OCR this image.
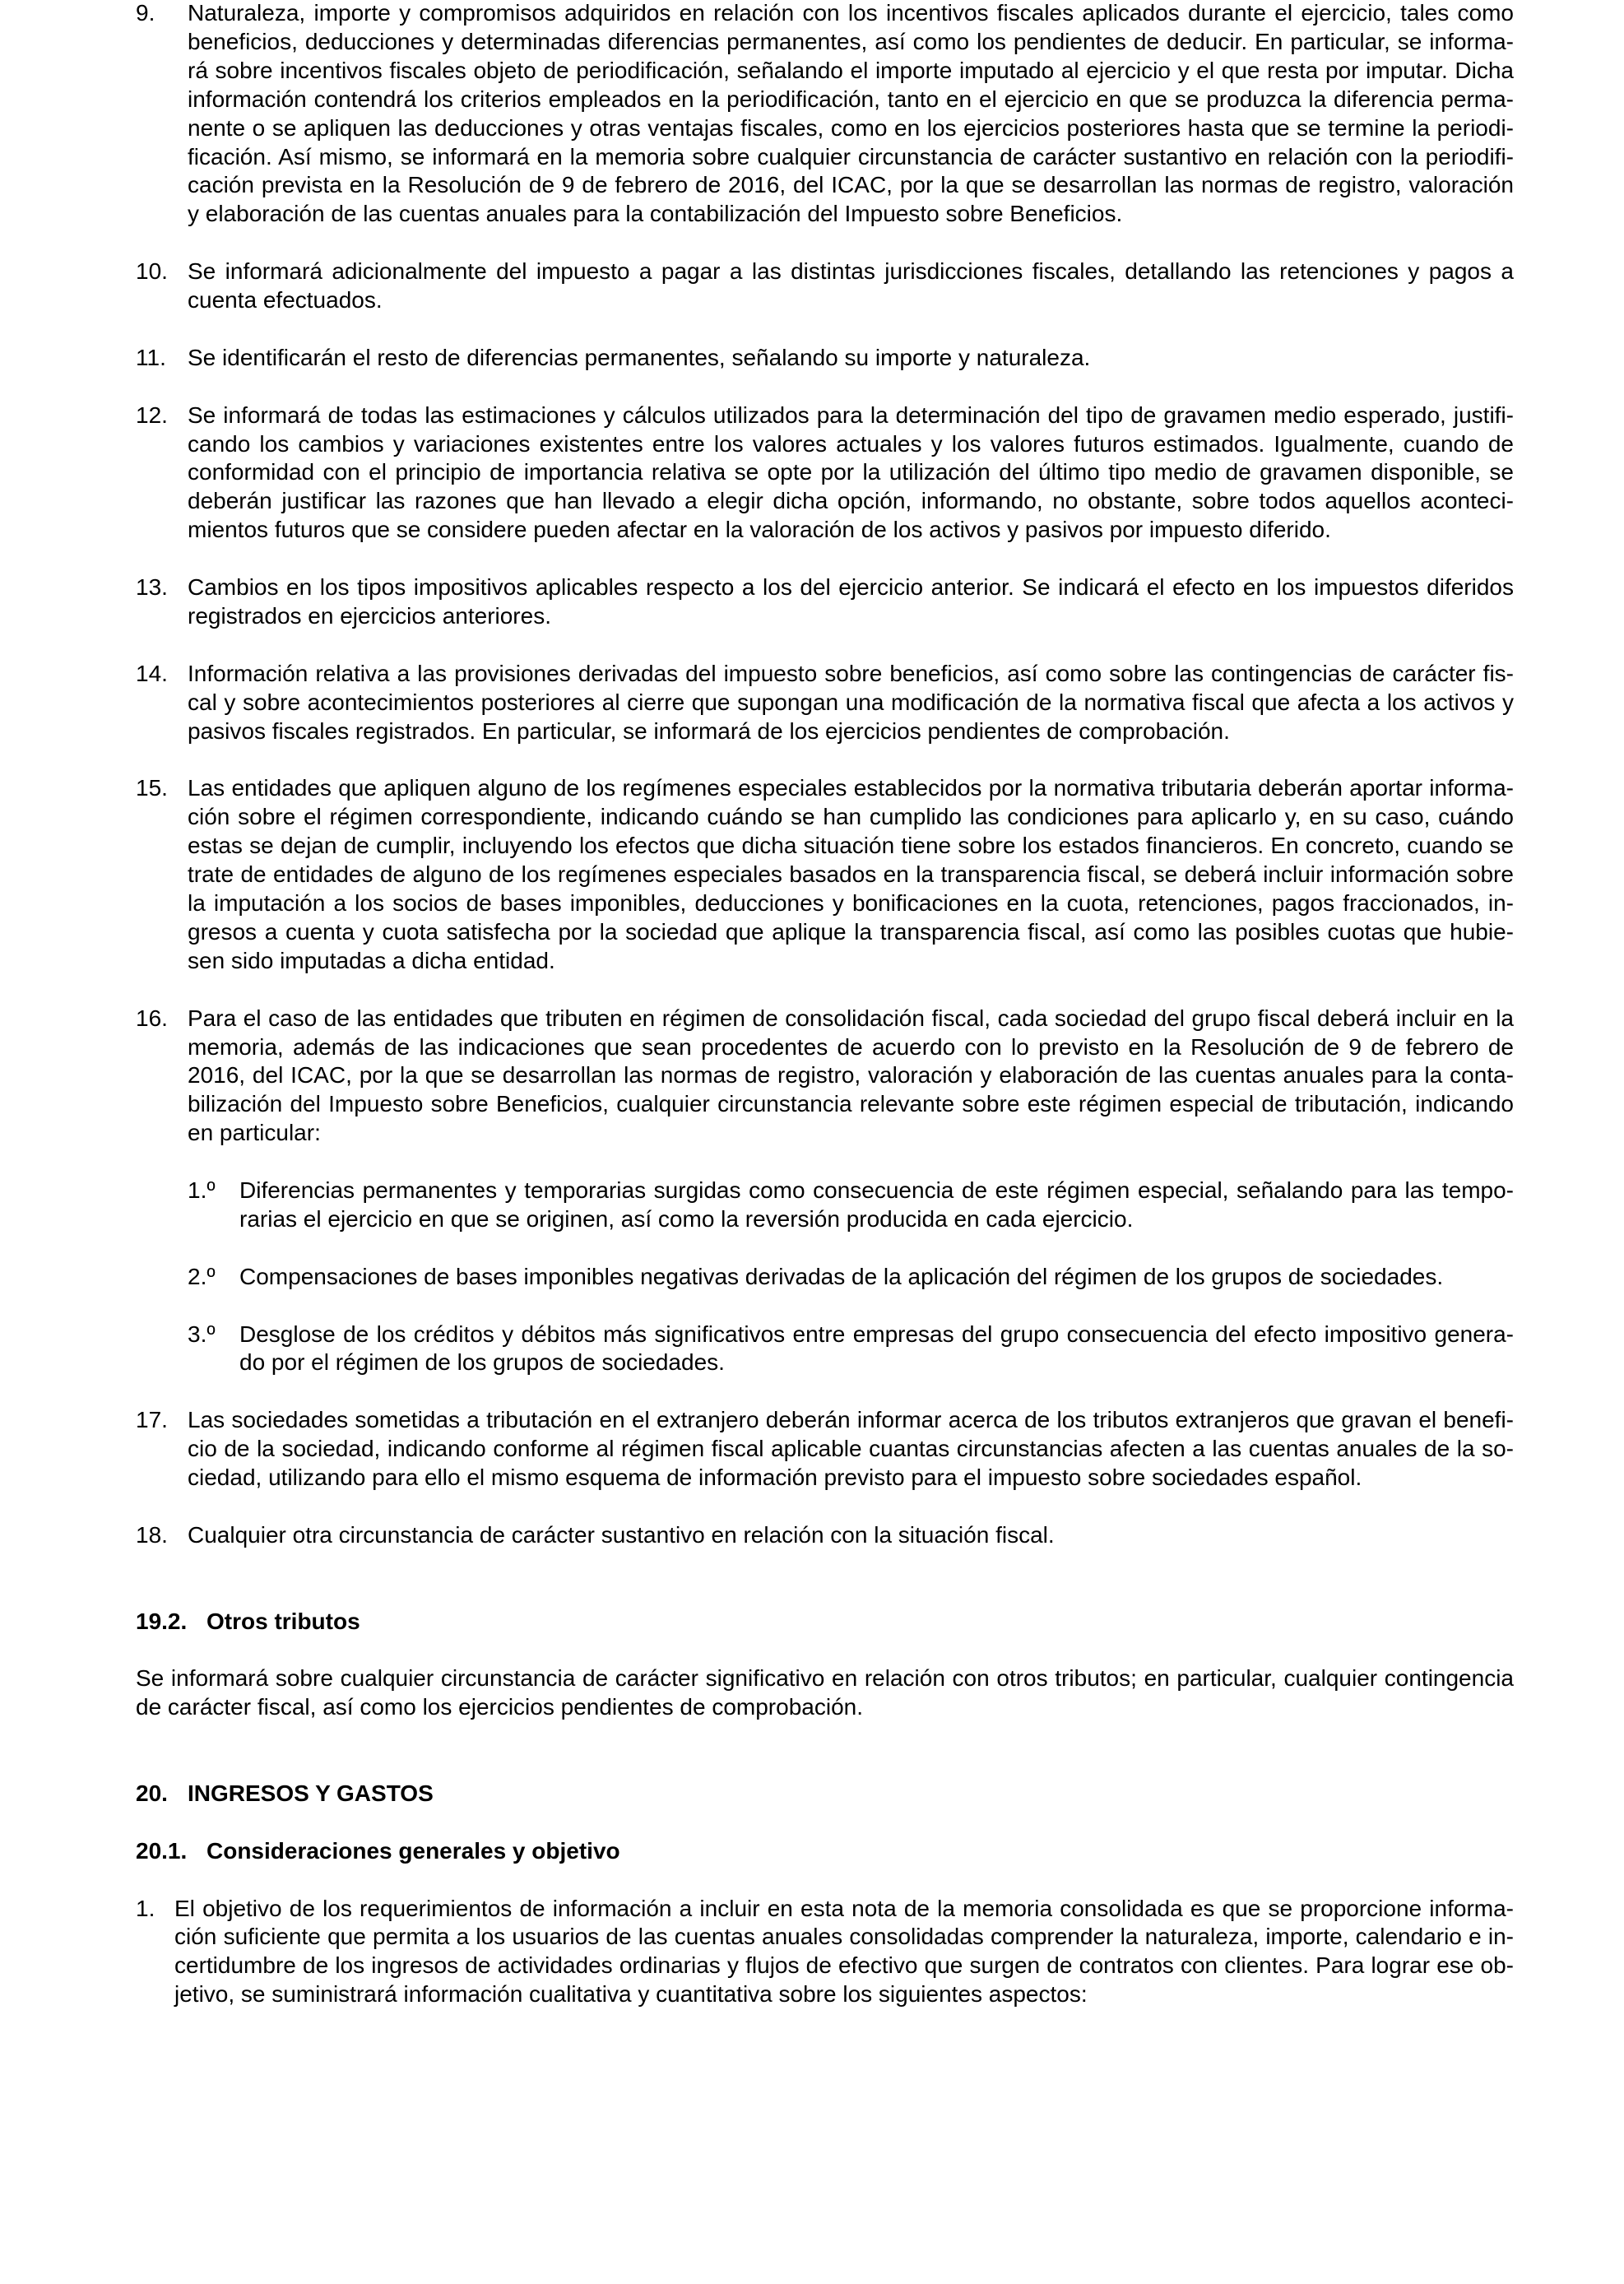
9. Naturaleza, importe y compromisos adquiridos en relación con los incentivos fiscales aplicados durante el ejercicio, tales como
beneficios, deducciones y determinadas diferencias permanentes, así como los pendientes de deducir. En particular, se informa-
rá sobre incentivos fiscales objeto de periodificación, señalando el importe imputado al ejercicio y el que resta por imputar. Dicha
información contendrá los criterios empleados en la periodificación, tanto en el ejercicio en que se produzca la diferencia perma-
nente o se apliquen las deducciones y otras ventajas fiscales, como en los ejercicios posteriores hasta que se termine la periodi-
ficación. Así mismo, se informará en la memoria sobre cualquier circunstancia de carácter sustantivo en relación con la periodifi-
cación prevista en la Resolución de 9 de febrero de 2016, del ICAC, por la que se desarrollan las normas de registro, valoración
y elaboración de las cuentas anuales para la contabilización del Impuesto sobre Beneficios.
10. Se informará adicionalmente del impuesto a pagar a las distintas jurisdicciones fiscales, detallando las retenciones y pagos a
cuenta efectuados.
11. Se identificarán el resto de diferencias permanentes, señalando su importe y naturaleza.
12. Se informará de todas las estimaciones y cálculos utilizados para la determinación del tipo de gravamen medio esperado, justifi-
cando los cambios y variaciones existentes entre los valores actuales y los valores futuros estimados. Igualmente, cuando de
conformidad con el principio de importancia relativa se opte por la utilización del último tipo medio de gravamen disponible, se
deberán justificar las razones que han llevado a elegir dicha opción, informando, no obstante, sobre todos aquellos aconteci-
mientos futuros que se considere pueden afectar en la valoración de los activos y pasivos por impuesto diferido.
13. Cambios en los tipos impositivos aplicables respecto a los del ejercicio anterior. Se indicará el efecto en los impuestos diferidos
registrados en ejercicios anteriores.
14. Información relativa a las provisiones derivadas del impuesto sobre beneficios, así como sobre las contingencias de carácter fis-
cal y sobre acontecimientos posteriores al cierre que supongan una modificación de la normativa fiscal que afecta a los activos y
pasivos fiscales registrados. En particular, se informará de los ejercicios pendientes de comprobación.
15. Las entidades que apliquen alguno de los regímenes especiales establecidos por la normativa tributaria deberán aportar informa-
ción sobre el régimen correspondiente, indicando cuándo se han cumplido las condiciones para aplicarlo y, en su caso, cuándo
estas se dejan de cumplir, incluyendo los efectos que dicha situación tiene sobre los estados financieros. En concreto, cuando se
trate de entidades de alguno de los regímenes especiales basados en la transparencia fiscal, se deberá incluir información sobre
la imputación a los socios de bases imponibles, deducciones y bonificaciones en la cuota, retenciones, pagos fraccionados, in-
gresos a cuenta y cuota satisfecha por la sociedad que aplique la transparencia fiscal, así como las posibles cuotas que hubie-
sen sido imputadas a dicha entidad.
16. Para el caso de las entidades que tributen en régimen de consolidación fiscal, cada sociedad del grupo fiscal deberá incluir en la
memoria, además de las indicaciones que sean procedentes de acuerdo con lo previsto en la Resolución de 9 de febrero de
2016, del ICAC, por la que se desarrollan las normas de registro, valoración y elaboración de las cuentas anuales para la conta-
bilización del Impuesto sobre Beneficios, cualquier circunstancia relevante sobre este régimen especial de tributación, indicando
en particular:
1.º Diferencias permanentes y temporarias surgidas como consecuencia de este régimen especial, señalando para las tempo-
rarias el ejercicio en que se originen, así como la reversión producida en cada ejercicio.
2.º Compensaciones de bases imponibles negativas derivadas de la aplicación del régimen de los grupos de sociedades.
3.º Desglose de los créditos y débitos más significativos entre empresas del grupo consecuencia del efecto impositivo genera-
do por el régimen de los grupos de sociedades.
17. Las sociedades sometidas a tributación en el extranjero deberán informar acerca de los tributos extranjeros que gravan el benefi-
cio de la sociedad, indicando conforme al régimen fiscal aplicable cuantas circunstancias afecten a las cuentas anuales de la so-
ciedad, utilizando para ello el mismo esquema de información previsto para el impuesto sobre sociedades español.
18. Cualquier otra circunstancia de carácter sustantivo en relación con la situación fiscal.
19.2. Otros tributos
Se informará sobre cualquier circunstancia de carácter significativo en relación con otros tributos; en particular, cualquier contingencia
de carácter fiscal, así como los ejercicios pendientes de comprobación.
20. INGRESOS Y GASTOS
20.1. Consideraciones generales y objetivo
1. El objetivo de los requerimientos de información a incluir en esta nota de la memoria consolidada es que se proporcione informa-
ción suficiente que permita a los usuarios de las cuentas anuales consolidadas comprender la naturaleza, importe, calendario e in-
certidumbre de los ingresos de actividades ordinarias y flujos de efectivo que surgen de contratos con clientes. Para lograr ese ob-
jetivo, se suministrará información cualitativa y cuantitativa sobre los siguientes aspectos:
